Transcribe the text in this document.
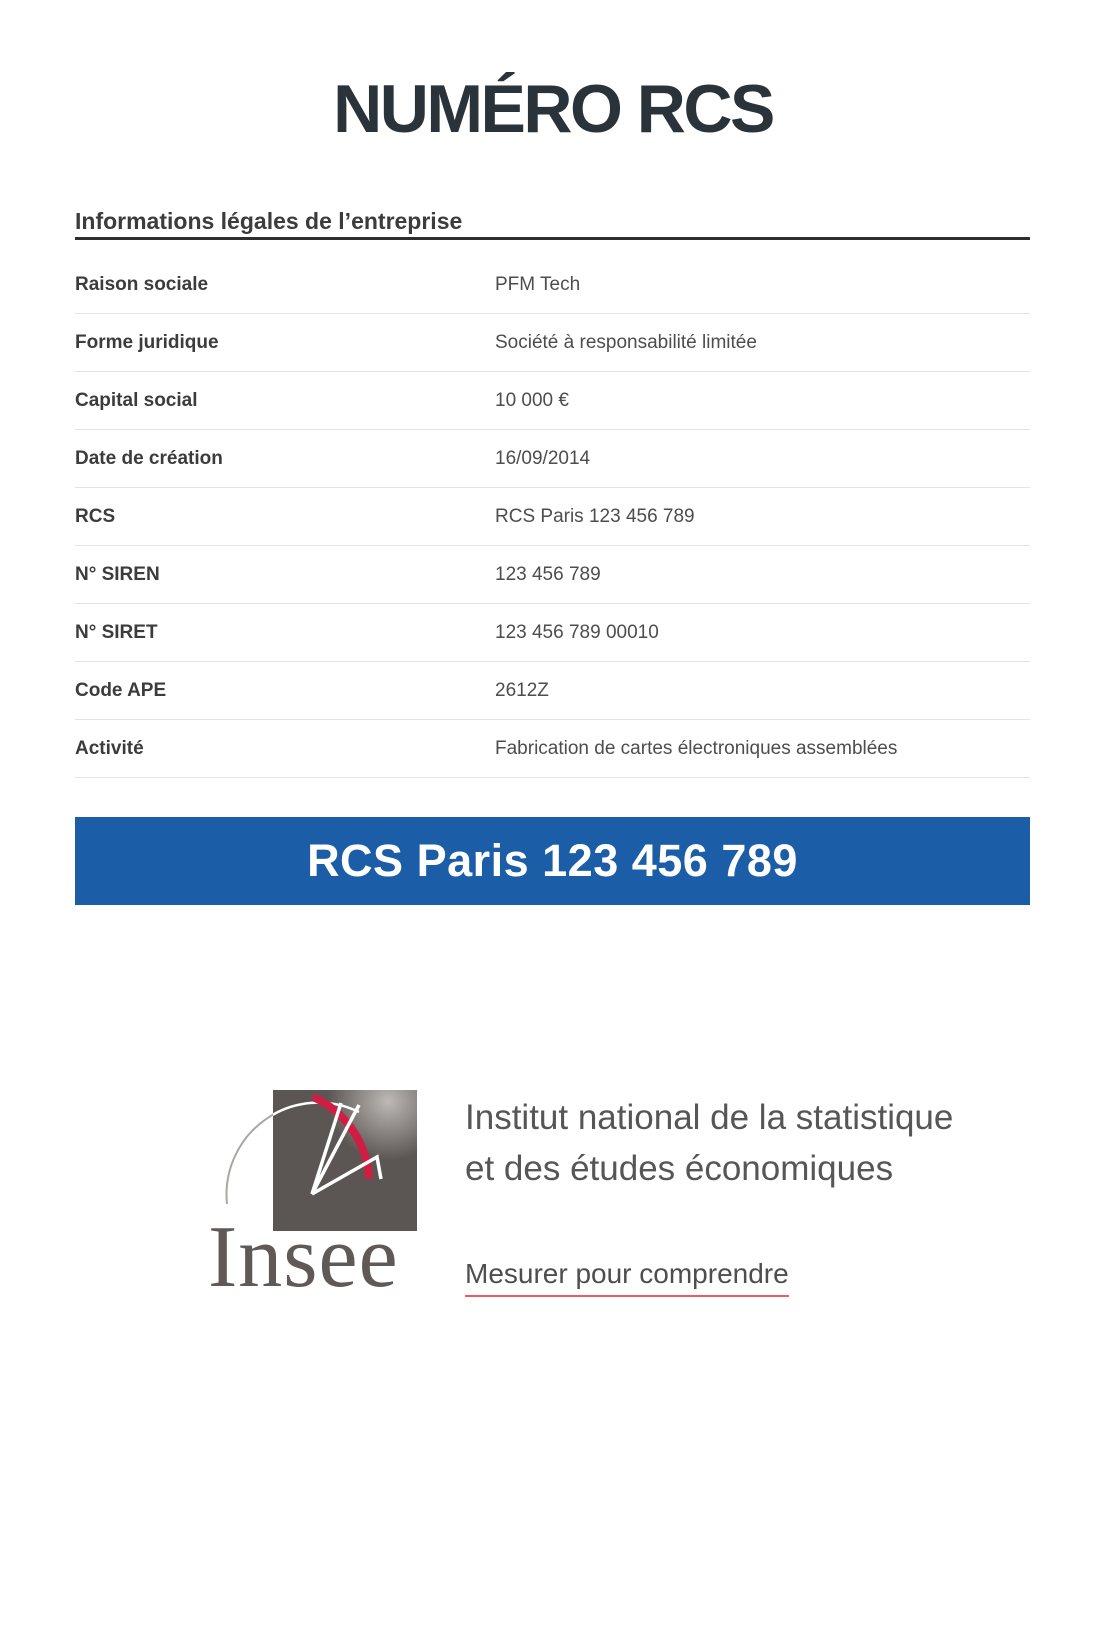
NUMÉRO RCS
Informations légales de l’entreprise
Raison sociale	PFM Tech
Forme juridique	Société à responsabilité limitée
Capital social	10 000 €
Date de création	16/09/2014
RCS	RCS Paris 123 456 789
N° SIREN	123 456 789
N° SIRET	123 456 789 00010
Code APE	2612Z
Activité	Fabrication de cartes électroniques assemblées
RCS Paris 123 456 789
Insee
Institut national de la statistique
et des études économiques
Mesurer pour comprendre
